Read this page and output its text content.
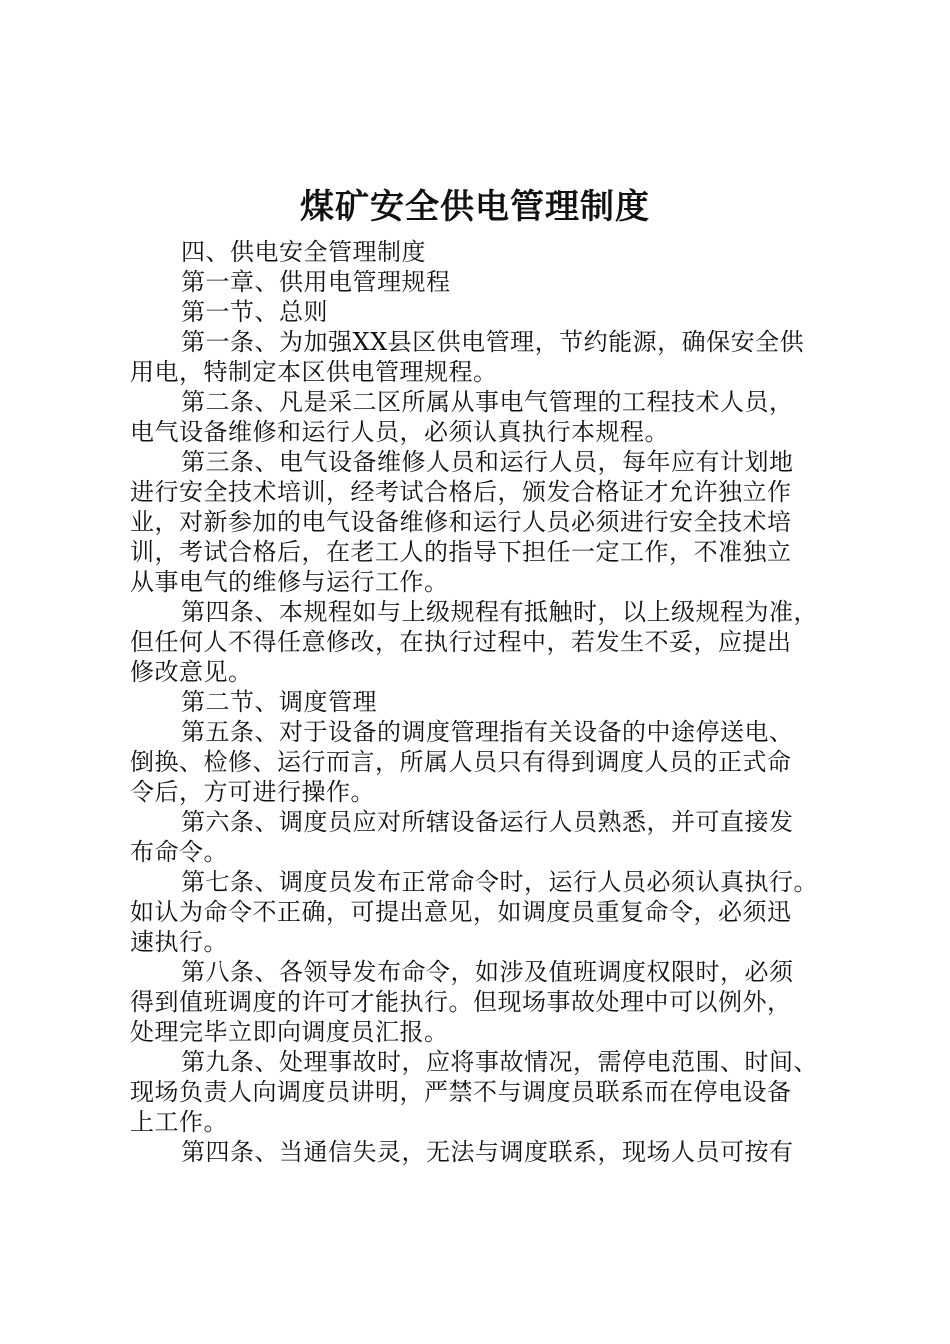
煤矿安全供电管理制度
四、供电安全管理制度
第一章、供用电管理规程
第一节、总则
第一条、为加强XX县区供电管理，节约能源，确保安全供
用电，特制定本区供电管理规程。
第二条、凡是采二区所属从事电气管理的工程技术人员，
电气设备维修和运行人员，必须认真执行本规程。
第三条、电气设备维修人员和运行人员，每年应有计划地
进行安全技术培训，经考试合格后，颁发合格证才允许独立作
业，对新参加的电气设备维修和运行人员必须进行安全技术培
训，考试合格后，在老工人的指导下担任一定工作，不准独立
从事电气的维修与运行工作。
第四条、本规程如与上级规程有抵触时，以上级规程为准，
但任何人不得任意修改，在执行过程中，若发生不妥，应提出
修改意见。
第二节、调度管理
第五条、对于设备的调度管理指有关设备的中途停送电、
倒换、检修、运行而言，所属人员只有得到调度人员的正式命
令后，方可进行操作。
第六条、调度员应对所辖设备运行人员熟悉，并可直接发
布命令。
第七条、调度员发布正常命令时，运行人员必须认真执行。
如认为命令不正确，可提出意见，如调度员重复命令，必须迅
速执行。
第八条、各领导发布命令，如涉及值班调度权限时，必须
得到值班调度的许可才能执行。但现场事故处理中可以例外，
处理完毕立即向调度员汇报。
第九条、处理事故时，应将事故情况，需停电范围、时间、
现场负责人向调度员讲明，严禁不与调度员联系而在停电设备
上工作。
第四条、当通信失灵，无法与调度联系，现场人员可按有
